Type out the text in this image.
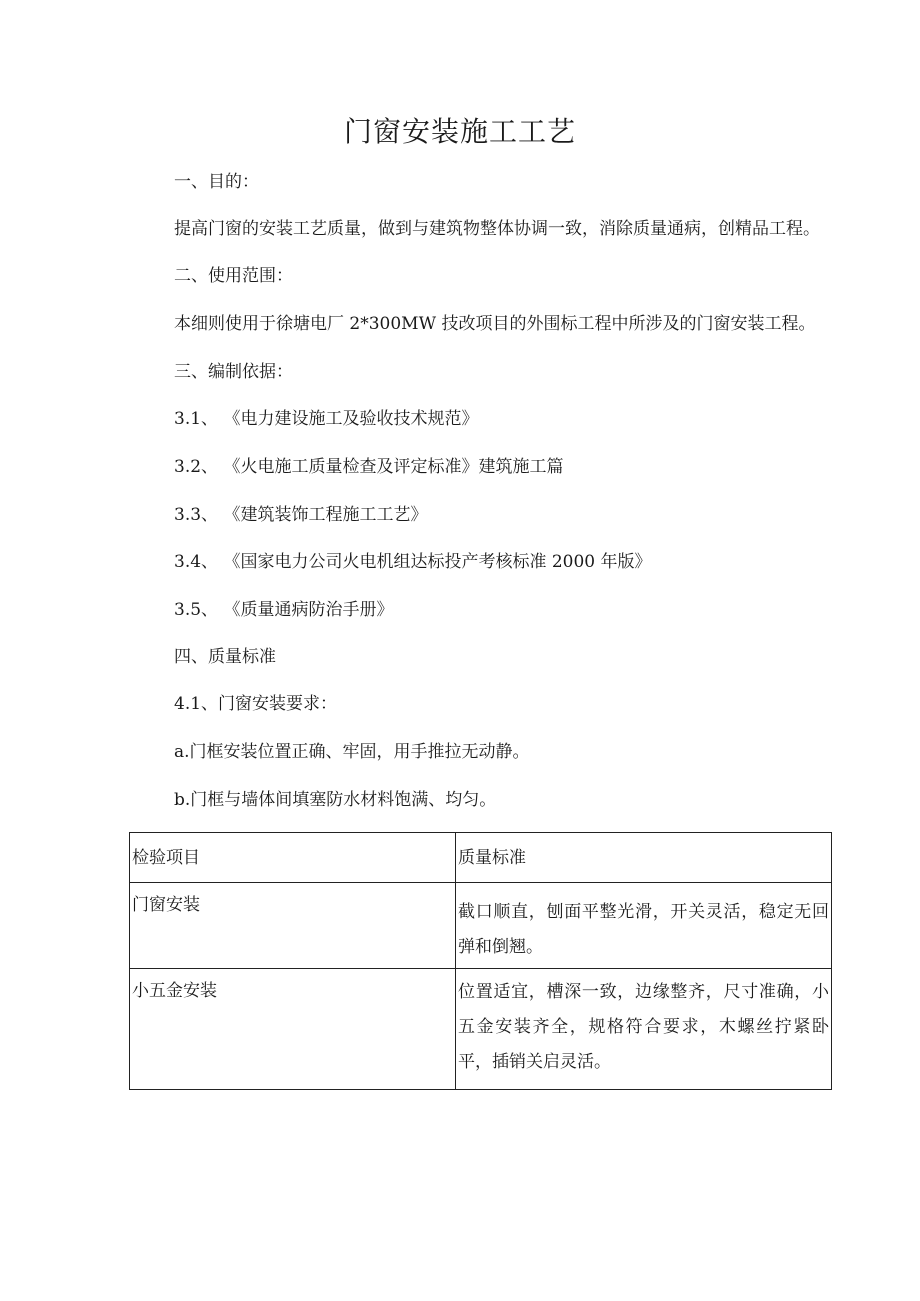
门窗安装施工工艺
一、目的：
提高门窗的安装工艺质量，做到与建筑物整体协调一致，消除质量通病，创精品工程。
二、使用范围：
本细则使用于徐塘电厂 2*300MW 技改项目的外围标工程中所涉及的门窗安装工程。
三、编制依据：
3.1、 《电力建设施工及验收技术规范》
3.2、 《火电施工质量检查及评定标准》建筑施工篇
3.3、 《建筑装饰工程施工工艺》
3.4、 《国家电力公司火电机组达标投产考核标准 2000 年版》
3.5、 《质量通病防治手册》
四、质量标准
4.1、门窗安装要求：
a.门框安装位置正确、牢固，用手推拉无动静。
b.门框与墙体间填塞防水材料饱满、均匀。
检验项目	质量标准

门窗安装	截口顺直，刨面平整光滑，开关灵活，稳定无回弹和倒翘。

小五金安装	位置适宜，槽深一致，边缘整齐，尺寸准确，小五金安装齐全，规格符合要求，木螺丝拧紧卧平，插销关启灵活。
